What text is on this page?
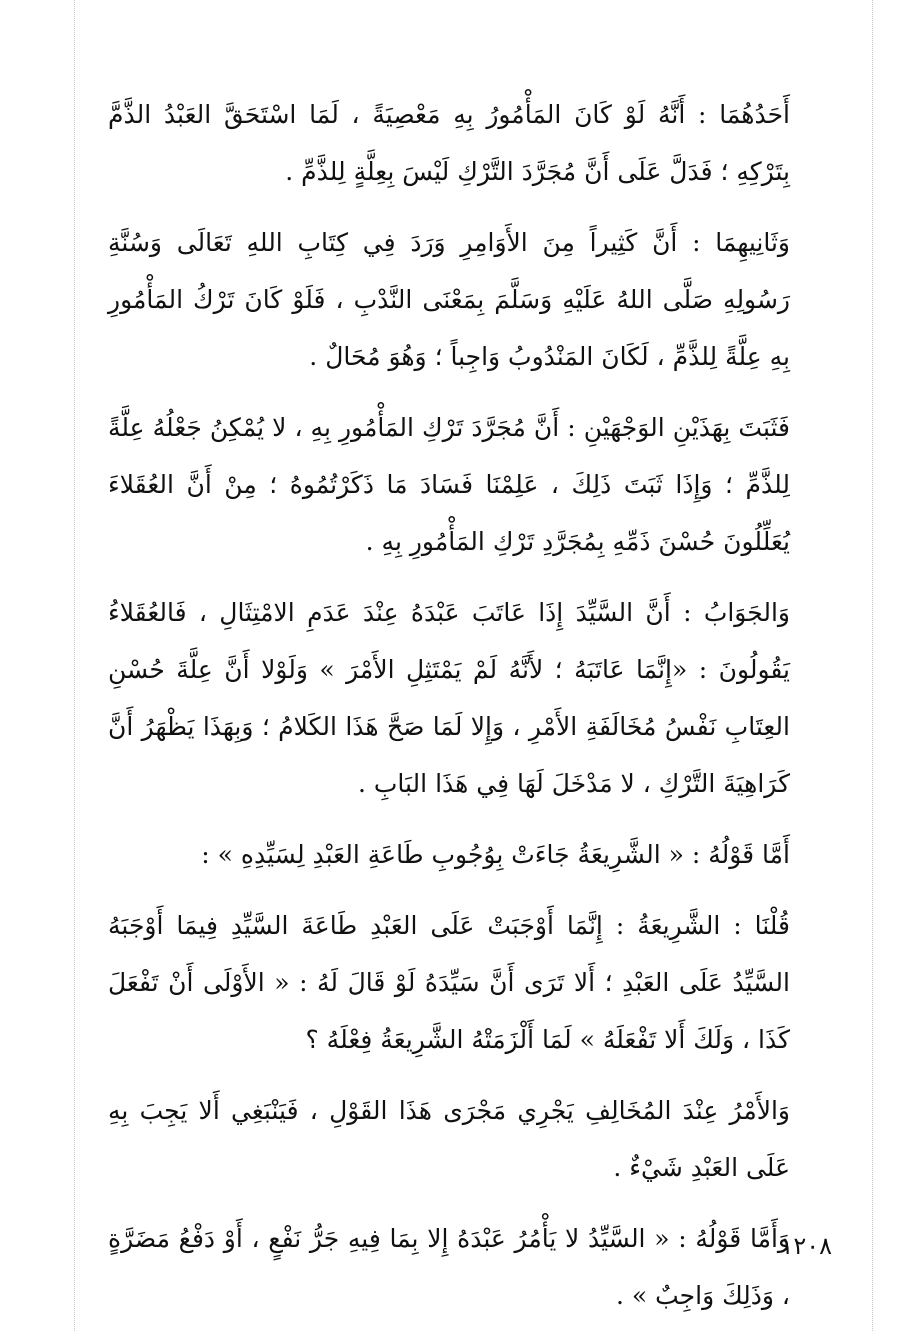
أَحَدُهُمَا : أَنَّهُ لَوْ كَانَ المَأْمُورُ بِهِ مَعْصِيَةً ، لَمَا اسْتَحَقَّ العَبْدُ الذَّمَّ بِتَرْكِهِ ؛ فَدَلَّ عَلَى أَنَّ مُجَرَّدَ التَّرْكِ لَيْسَ بِعِلَّةٍ لِلذَّمِّ .

وَثَانِيهِمَا : أَنَّ كَثِيراً مِنَ الأَوَامِرِ وَرَدَ فِي كِتَابِ اللهِ تَعَالَى وَسُنَّةِ رَسُولِهِ صَلَّى اللهُ عَلَيْهِ وَسَلَّمَ بِمَعْنَى النَّدْبِ ، فَلَوْ كَانَ تَرْكُ المَأْمُورِ بِهِ عِلَّةً لِلذَّمِّ ، لَكَانَ المَنْدُوبُ وَاجِباً ؛ وَهُوَ مُحَالٌ .

فَثَبَتَ بِهَذَيْنِ الوَجْهَيْنِ : أَنَّ مُجَرَّدَ تَرْكِ المَأْمُورِ بِهِ ، لا يُمْكِنُ جَعْلُهُ عِلَّةً لِلذَّمِّ ؛ وَإِذَا ثَبَتَ ذَلِكَ ، عَلِمْنَا فَسَادَ مَا ذَكَرْتُمُوهُ ؛ مِنْ أَنَّ العُقَلاءَ يُعَلِّلُونَ حُسْنَ ذَمِّهِ بِمُجَرَّدِ تَرْكِ المَأْمُورِ بِهِ .

وَالجَوَابُ : أَنَّ السَّيِّدَ إِذَا عَاتَبَ عَبْدَهُ عِنْدَ عَدَمِ الامْتِثَالِ ، فَالعُقَلاءُ يَقُولُونَ : «إِنَّمَا عَاتَبَهُ ؛ لأَنَّهُ لَمْ يَمْتَثِلِ الأَمْرَ » وَلَوْلا أَنَّ عِلَّةَ حُسْنِ العِتَابِ نَفْسُ مُخَالَفَةِ الأَمْرِ ، وَإِلا لَمَا صَحَّ هَذَا الكَلامُ ؛ وَبِهَذَا يَظْهَرُ أَنَّ كَرَاهِيَةَ التَّرْكِ ، لا مَدْخَلَ لَهَا فِي هَذَا البَابِ .

أَمَّا قَوْلُهُ : « الشَّرِيعَةُ جَاءَتْ بِوُجُوبِ طَاعَةِ العَبْدِ لِسَيِّدِهِ » :

قُلْنَا : الشَّرِيعَةُ : إِنَّمَا أَوْجَبَتْ عَلَى العَبْدِ طَاعَةَ السَّيِّدِ فِيمَا أَوْجَبَهُ السَّيِّدُ عَلَى العَبْدِ ؛ أَلا تَرَى أَنَّ سَيِّدَهُ لَوْ قَالَ لَهُ : « الأَوْلَى أَنْ تَفْعَلَ كَذَا ، وَلَكَ أَلا تَفْعَلَهُ » لَمَا أَلْزَمَتْهُ الشَّرِيعَةُ فِعْلَهُ ؟

وَالأَمْرُ عِنْدَ المُخَالِفِ يَجْرِي مَجْرَى هَذَا القَوْلِ ، فَيَنْبَغِي أَلا يَجِبَ بِهِ عَلَى العَبْدِ شَيْءٌ .

وَأَمَّا قَوْلُهُ : « السَّيِّدُ لا يَأْمُرُ عَبْدَهُ إِلا بِمَا فِيهِ جَرُّ نَفْعٍ ، أَوْ دَفْعُ مَضَرَّةٍ ، وَذَلِكَ وَاجِبٌ » .

١٢٠٨
